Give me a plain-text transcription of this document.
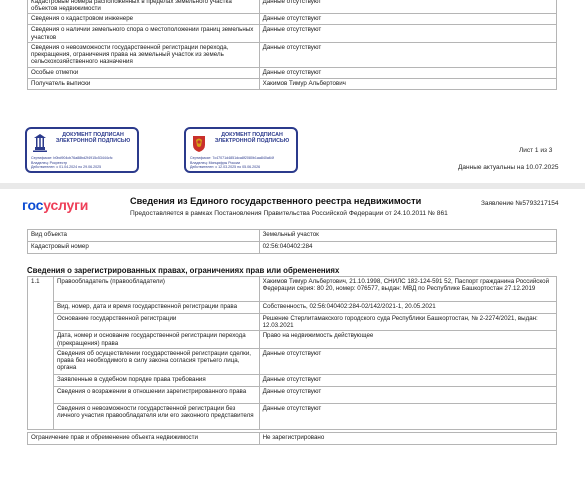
Кадастровые номера расположенных в пределах земельного участка объектов недвижимости	Данные отсутствуют
Сведения о кадастровом инженере	Данные отсутствуют
Сведения о наличии земельного спора о местоположении границ земельных участков	Данные отсутствуют
Сведения о невозможности государственной регистрации перехода, прекращения, ограничения права на земельный участок из земель сельскохозяйственного назначения	Данные отсутствуют
Особые отметки	Данные отсутствуют
Получатель выписки	Хакимов Тимур Альбертович
ДОКУМЕНТ ПОДПИСАН ЭЛЕКТРОННОЙ ПОДПИСЬЮ
Сертификат: b0bd904cb76a88bd2f4915c53444cfc
Владелец: Росреестр
Действителен: с 01.04.2024 по 29.06.2025
ДОКУМЕНТ ПОДПИСАН ЭЛЕКТРОННОЙ ПОДПИСЬЮ
Сертификат: 7c47071d4851dca8f2080b1aa840a64f
Владелец: Минцифры России
Действителен: с 12.03.2025 по 05.06.2026
Лист 1 из 3
Данные актуальны на 10.07.2025
госуслуги	Сведения из Единого государственного реестра недвижимости
Предоставляется в рамках Постановления Правительства Российской Федерации от 24.10.2011 № 861
Заявление №5793217154
Вид объекта	Земельный участок
Кадастровый номер	02:56:040402:284
Сведения о зарегистрированных правах, ограничениях прав или обременениях
1.1	Правообладатель (правообладатели)	Хакимов Тимур Альбертович, 21.10.1998, СНИЛС 182-124-591 52, Паспорт гражданина Российской Федерации серия: 80 20, номер: 076577, выдан: МВД по Республике Башкортостан 27.12.2019
	Вид, номер, дата и время государственной регистрации права	Собственность, 02:56:040402:284-02/142/2021-1, 20.05.2021
	Основание государственной регистрации	Решение Стерлитамакского городского суда Республики Башкортостан, № 2-2274/2021, выдан: 12.03.2021
	Дата, номер и основание государственной регистрации перехода (прекращения) права	Право на недвижимость действующее
	Сведения об осуществлении государственной регистрации сделки, права без необходимого в силу закона согласия третьего лица, органа	Данные отсутствуют
	Заявленные в судебном порядке права требования	Данные отсутствуют
	Сведения о возражении в отношении зарегистрированного права	Данные отсутствуют
	Сведения о невозможности государственной регистрации без личного участия правообладателя или его законного представителя	Данные отсутствуют
Ограничение прав и обременение объекта недвижимости	Не зарегистрировано
